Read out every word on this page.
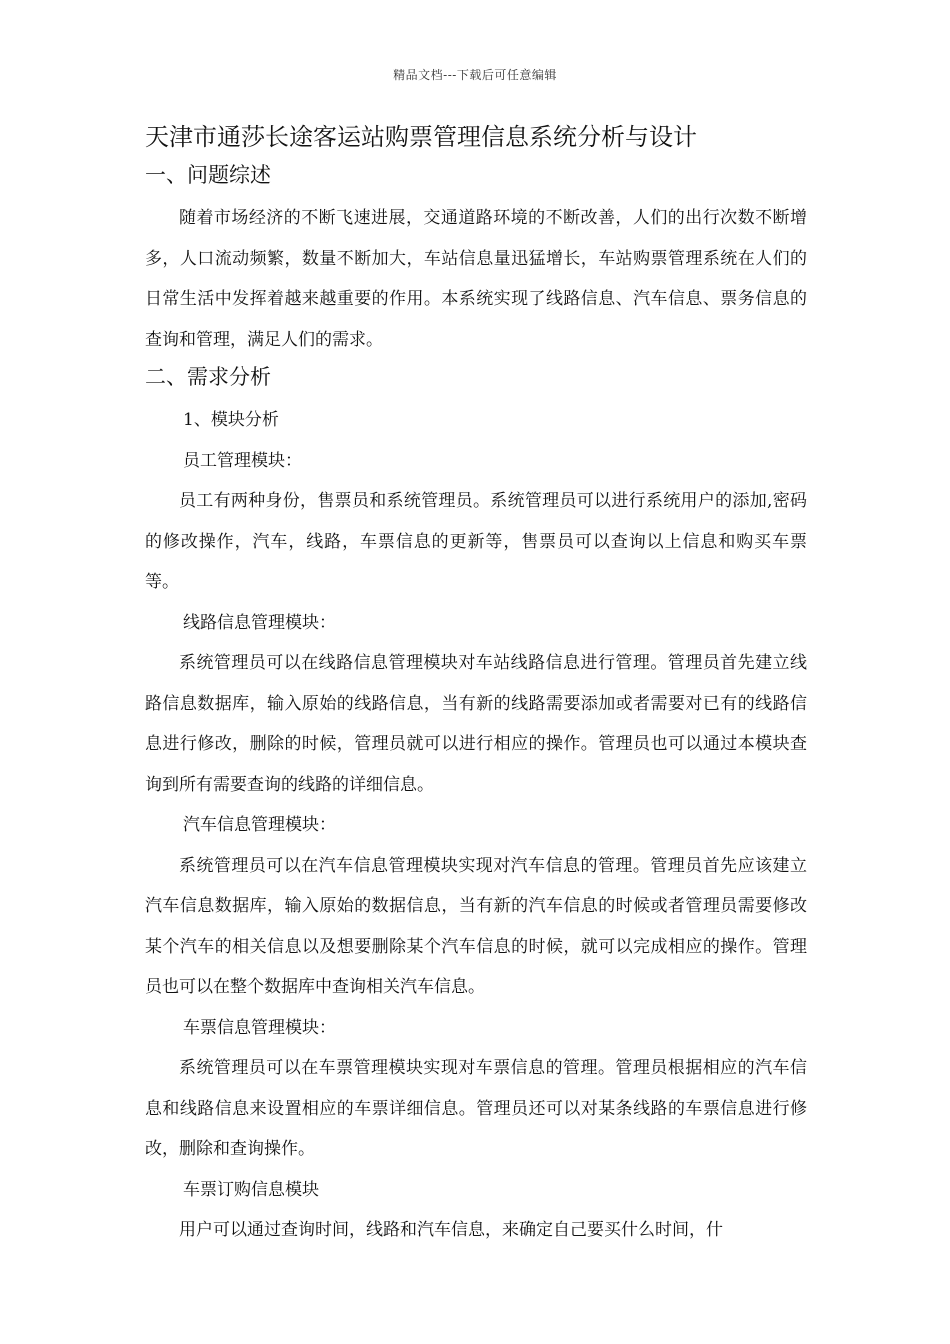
精品文档---下载后可任意编辑
天津市通莎长途客运站购票管理信息系统分析与设计
一、问题综述

随着市场经济的不断飞速进展，交通道路环境的不断改善，人们的出行次数不断增多，人口流动频繁，数量不断加大，车站信息量迅猛增长，车站购票管理系统在人们的日常生活中发挥着越来越重要的作用。本系统实现了线路信息、汽车信息、票务信息的查询和管理，满足人们的需求。

二、需求分析
1、模块分析
员工管理模块：

员工有两种身份，售票员和系统管理员。系统管理员可以进行系统用户的添加,密码的修改操作，汽车，线路，车票信息的更新等，售票员可以查询以上信息和购买车票等。

线路信息管理模块：

系统管理员可以在线路信息管理模块对车站线路信息进行管理。管理员首先建立线路信息数据库，输入原始的线路信息，当有新的线路需要添加或者需要对已有的线路信息进行修改，删除的时候，管理员就可以进行相应的操作。管理员也可以通过本模块查询到所有需要查询的线路的详细信息。

汽车信息管理模块：

系统管理员可以在汽车信息管理模块实现对汽车信息的管理。管理员首先应该建立汽车信息数据库，输入原始的数据信息，当有新的汽车信息的时候或者管理员需要修改某个汽车的相关信息以及想要删除某个汽车信息的时候，就可以完成相应的操作。管理员也可以在整个数据库中查询相关汽车信息。

车票信息管理模块：

系统管理员可以在车票管理模块实现对车票信息的管理。管理员根据相应的汽车信息和线路信息来设置相应的车票详细信息。管理员还可以对某条线路的车票信息进行修改，删除和查询操作。

车票订购信息模块

用户可以通过查询时间，线路和汽车信息，来确定自己要买什么时间，什
